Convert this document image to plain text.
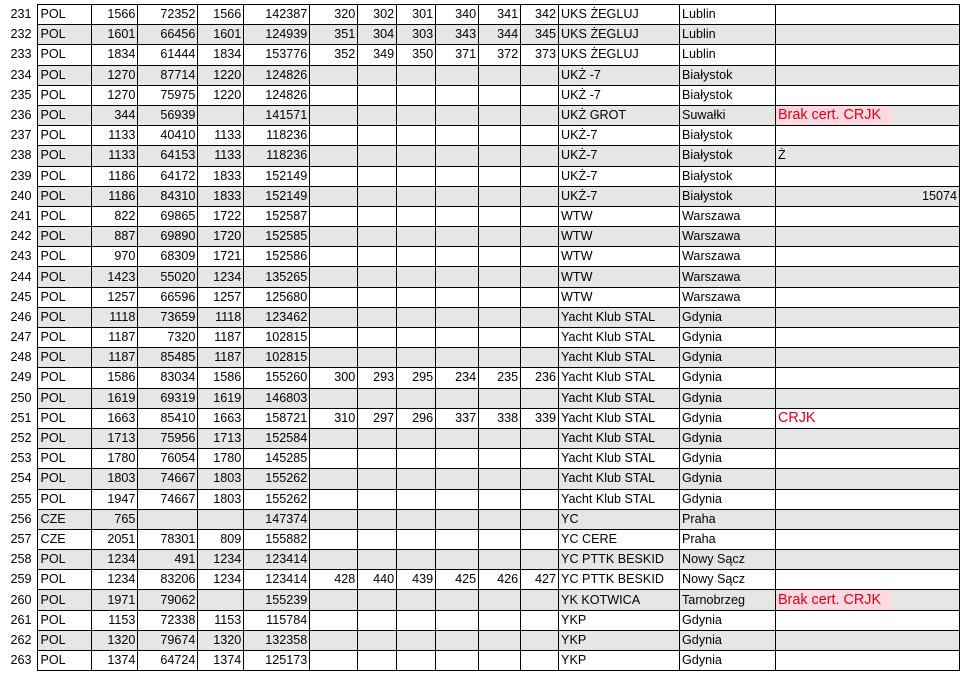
231	POL	1566	72352	1566	142387	320	302	301	340	341	342	UKS ŻEGLUJ	Lublin		
232	POL	1601	66456	1601	124939	351	304	303	343	344	345	UKS ŻEGLUJ	Lublin		
233	POL	1834	61444	1834	153776	352	349	350	371	372	373	UKS ŻEGLUJ	Lublin		
234	POL	1270	87714	1220	124826							UKŻ -7	Białystok		
235	POL	1270	75975	1220	124826							UKŻ -7	Białystok		
236	POL	344	56939		141571							UKŻ GROT	Suwałki	Brak cert. CRJK	
237	POL	1133	40410	1133	118236							UKŻ-7	Białystok		
238	POL	1133	64153	1133	118236							UKŻ-7	Białystok	Ż	
239	POL	1186	64172	1833	152149							UKŻ-7	Białystok		
240	POL	1186	84310	1833	152149							UKŻ-7	Białystok		15074
241	POL	822	69865	1722	152587							WTW	Warszawa		
242	POL	887	69890	1720	152585							WTW	Warszawa		
243	POL	970	68309	1721	152586							WTW	Warszawa		
244	POL	1423	55020	1234	135265							WTW	Warszawa		
245	POL	1257	66596	1257	125680							WTW	Warszawa		
246	POL	1118	73659	1118	123462							Yacht Klub STAL	Gdynia		
247	POL	1187	7320	1187	102815							Yacht Klub STAL	Gdynia		
248	POL	1187	85485	1187	102815							Yacht Klub STAL	Gdynia		
249	POL	1586	83034	1586	155260	300	293	295	234	235	236	Yacht Klub STAL	Gdynia		
250	POL	1619	69319	1619	146803							Yacht Klub STAL	Gdynia		
251	POL	1663	85410	1663	158721	310	297	296	337	338	339	Yacht Klub STAL	Gdynia	CRJK	
252	POL	1713	75956	1713	152584							Yacht Klub STAL	Gdynia		
253	POL	1780	76054	1780	145285							Yacht Klub STAL	Gdynia		
254	POL	1803	74667	1803	155262							Yacht Klub STAL	Gdynia		
255	POL	1947	74667	1803	155262							Yacht Klub STAL	Gdynia		
256	CZE	765			147374							YC	Praha		
257	CZE	2051	78301	809	155882							YC CERE	Praha		
258	POL	1234	491	1234	123414							YC PTTK BESKID	Nowy Sącz		
259	POL	1234	83206	1234	123414	428	440	439	425	426	427	YC PTTK BESKID	Nowy Sącz		
260	POL	1971	79062		155239							YK KOTWICA	Tarnobrzeg	Brak cert. CRJK	
261	POL	1153	72338	1153	115784							YKP	Gdynia		
262	POL	1320	79674	1320	132358							YKP	Gdynia		
263	POL	1374	64724	1374	125173							YKP	Gdynia		
